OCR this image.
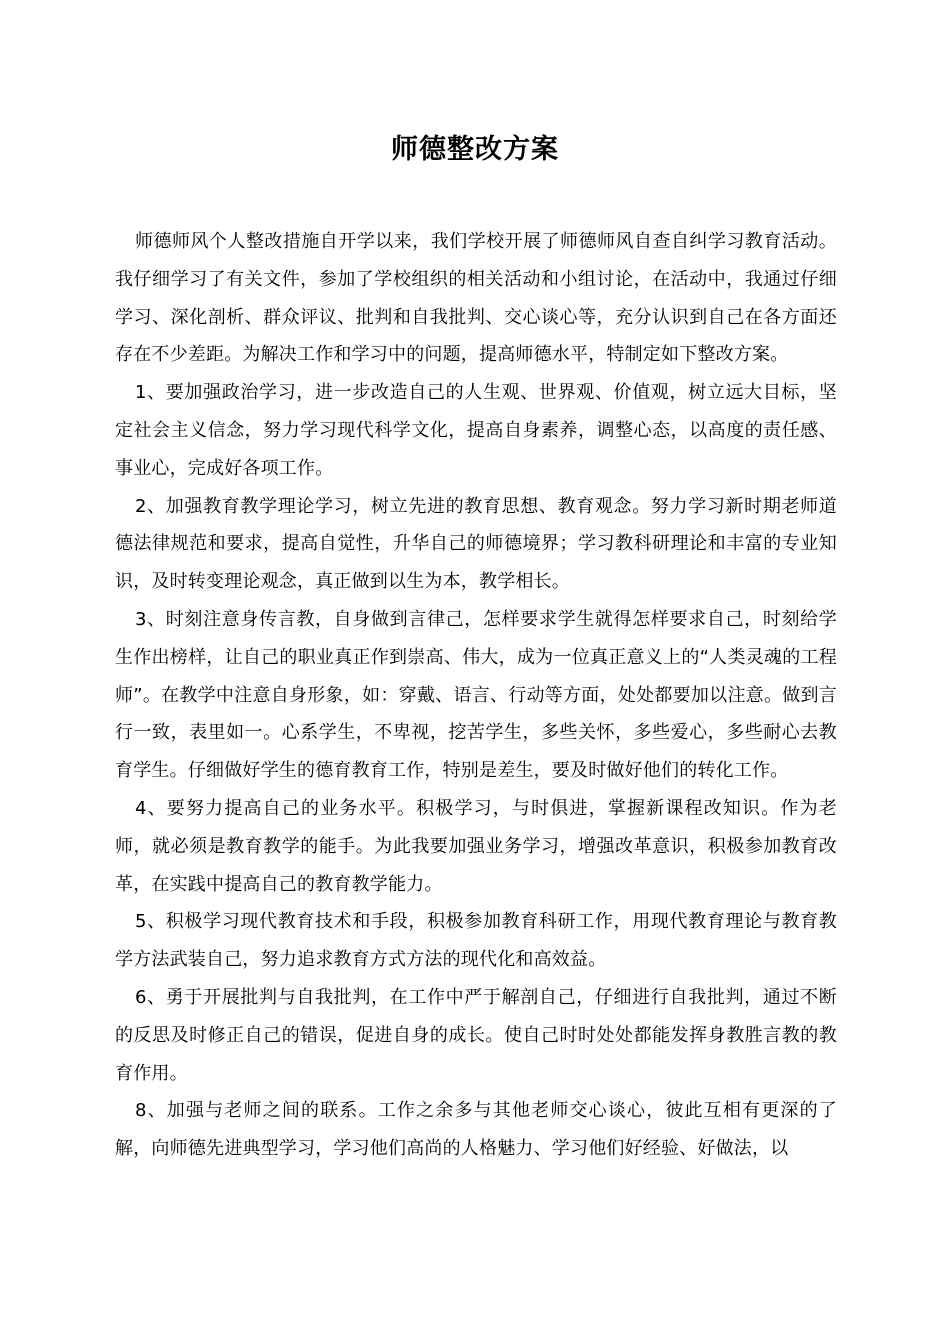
师德整改方案

师德师风个人整改措施自开学以来，我们学校开展了师德师风自查自纠学习教育活动。我仔细学习了有关文件，参加了学校组织的相关活动和小组讨论，在活动中，我通过仔细学习、深化剖析、群众评议、批判和自我批判、交心谈心等，充分认识到自己在各方面还存在不少差距。为解决工作和学习中的问题，提高师德水平，特制定如下整改方案。

1、要加强政治学习，进一步改造自己的人生观、世界观、价值观，树立远大目标，坚定社会主义信念，努力学习现代科学文化，提高自身素养，调整心态，以高度的责任感、事业心，完成好各项工作。

2、加强教育教学理论学习，树立先进的教育思想、教育观念。努力学习新时期老师道德法律规范和要求，提高自觉性，升华自己的师德境界；学习教科研理论和丰富的专业知识，及时转变理论观念，真正做到以生为本，教学相长。

3、时刻注意身传言教，自身做到言律己，怎样要求学生就得怎样要求自己，时刻给学生作出榜样，让自己的职业真正作到崇高、伟大，成为一位真正意义上的“人类灵魂的工程师”。在教学中注意自身形象，如：穿戴、语言、行动等方面，处处都要加以注意。做到言行一致，表里如一。心系学生，不卑视，挖苦学生，多些关怀，多些爱心，多些耐心去教育学生。仔细做好学生的德育教育工作，特别是差生，要及时做好他们的转化工作。

4、要努力提高自己的业务水平。积极学习，与时俱进，掌握新课程改知识。作为老师，就必须是教育教学的能手。为此我要加强业务学习，增强改革意识，积极参加教育改革，在实践中提高自己的教育教学能力。

5、积极学习现代教育技术和手段，积极参加教育科研工作，用现代教育理论与教育教学方法武装自己，努力追求教育方式方法的现代化和高效益。

6、勇于开展批判与自我批判，在工作中严于解剖自己，仔细进行自我批判，通过不断的反思及时修正自己的错误，促进自身的成长。使自己时时处处都能发挥身教胜言教的教育作用。

8、加强与老师之间的联系。工作之余多与其他老师交心谈心，彼此互相有更深的了解，向师德先进典型学习，学习他们高尚的人格魅力、学习他们好经验、好做法，以
